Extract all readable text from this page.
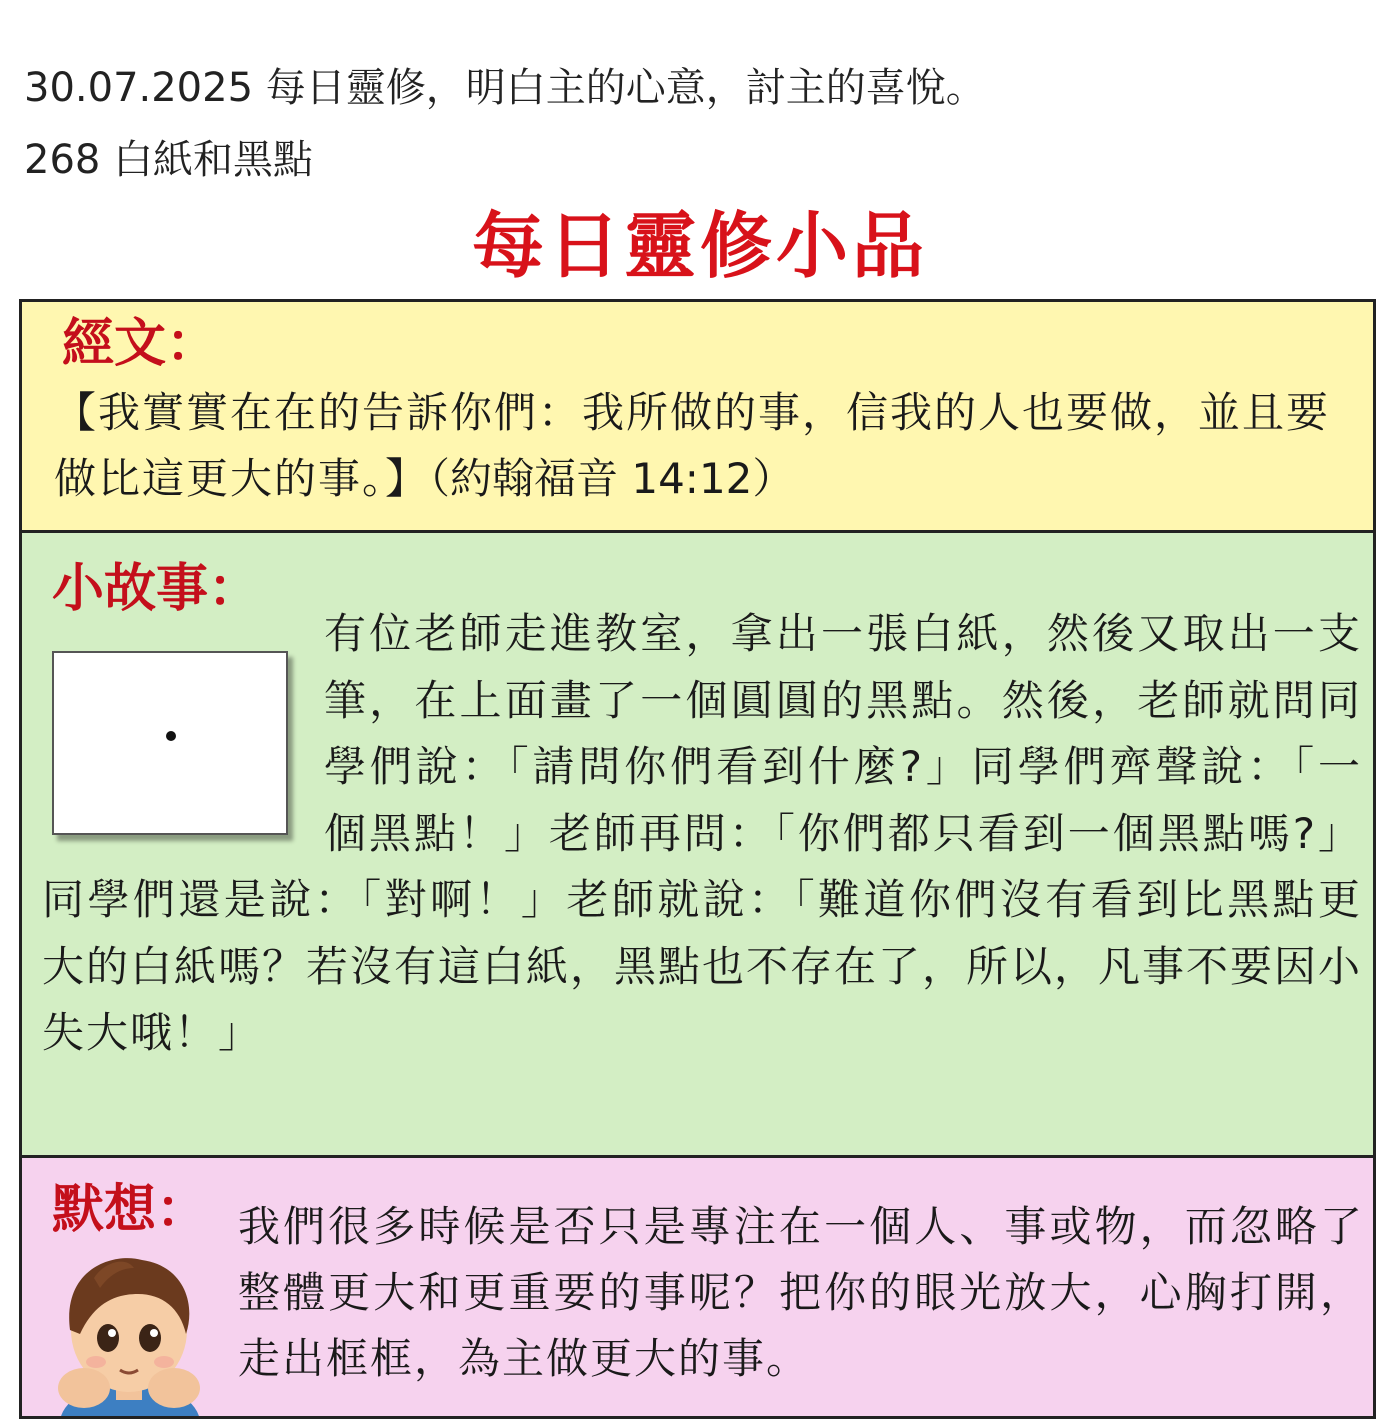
30.07.2025 每日靈修，明白主的心意，討主的喜悅。
268 白紙和黑點
每日靈修小品
經文：
【我實實在在的告訴你們：我所做的事，信我的人也要做，並且要做比這更大的事。】（約翰福音 14:12）
小故事：
有位老師走進教室，拿出一張白紙，然後又取出一支筆，在上面畫了一個圓圓的黑點。然後，老師就問同學們說：「請問你們看到什麼?」同學們齊聲說：「一個黑點！」老師再問：「你們都只看到一個黑點嗎?」同學們還是說：「對啊！」老師就說：「難道你們沒有看到比黑點更大的白紙嗎？若沒有這白紙，黑點也不存在了，所以，凡事不要因小失大哦！」
默想： 我們很多時候是否只是專注在一個人、事或物，而忽略了整體更大和更重要的事呢？把你的眼光放大，心胸打開，走出框框，為主做更大的事。
